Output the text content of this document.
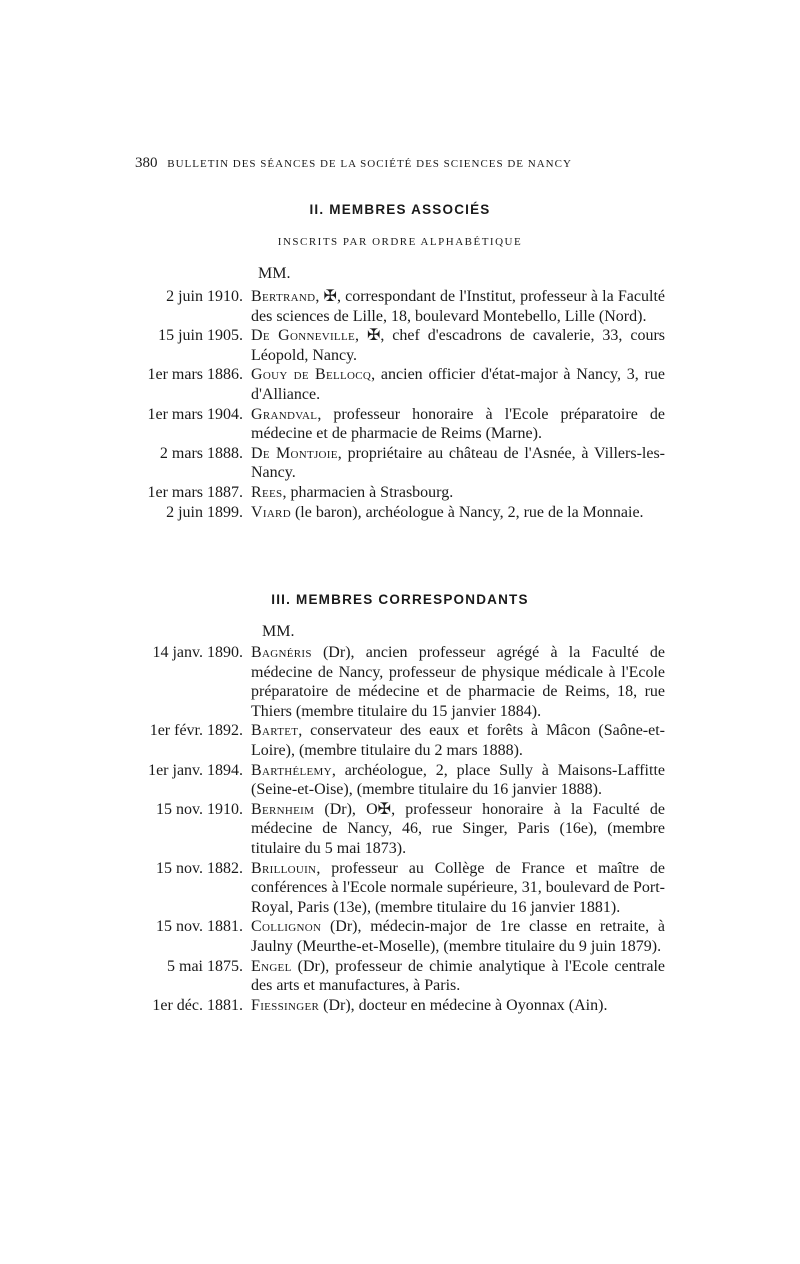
380 BULLETIN DES SÉANCES DE LA SOCIÉTÉ DES SCIENCES DE NANCY
II. MEMBRES ASSOCIÉS
INSCRITS PAR ORDRE ALPHABÉTIQUE
MM.
2 juin 1910. Bertrand, ✠, correspondant de l'Institut, professeur à la Faculté des sciences de Lille, 18, boulevard Montebello, Lille (Nord).
15 juin 1905. De Gonneville, ✠, chef d'escadrons de cavalerie, 33, cours Léopold, Nancy.
1er mars 1886. Gouy de Bellocq, ancien officier d'état-major à Nancy, 3, rue d'Alliance.
1er mars 1904. Grandval, professeur honoraire à l'Ecole préparatoire de médecine et de pharmacie de Reims (Marne).
2 mars 1888. De Montjoie, propriétaire au château de l'Asnée, à Villers-les-Nancy.
1er mars 1887. Rees, pharmacien à Strasbourg.
2 juin 1899. Viard (le baron), archéologue à Nancy, 2, rue de la Monnaie.
III. MEMBRES CORRESPONDANTS
MM.
14 janv. 1890. Bagnéris (Dr), ancien professeur agrégé à la Faculté de médecine de Nancy, professeur de physique médicale à l'Ecole préparatoire de médecine et de pharmacie de Reims, 18, rue Thiers (membre titulaire du 15 janvier 1884).
1er févr. 1892. Bartet, conservateur des eaux et forêts à Mâcon (Saône-et-Loire), (membre titulaire du 2 mars 1888).
1er janv. 1894. Barthélemy, archéologue, 2, place Sully à Maisons-Laffitte (Seine-et-Oise), (membre titulaire du 16 janvier 1888).
15 nov. 1910. Bernheim (Dr), O✠, professeur honoraire à la Faculté de médecine de Nancy, 46, rue Singer, Paris (16e), (membre titulaire du 5 mai 1873).
15 nov. 1882. Brillouin, professeur au Collège de France et maître de conférences à l'Ecole normale supérieure, 31, boulevard de Port-Royal, Paris (13e), (membre titulaire du 16 janvier 1881).
15 nov. 1881. Collignon (Dr), médecin-major de 1re classe en retraite, à Jaulny (Meurthe-et-Moselle), (membre titulaire du 9 juin 1879).
5 mai 1875. Engel (Dr), professeur de chimie analytique à l'Ecole centrale des arts et manufactures, à Paris.
1er déc. 1881. Fiessinger (Dr), docteur en médecine à Oyonnax (Ain).
